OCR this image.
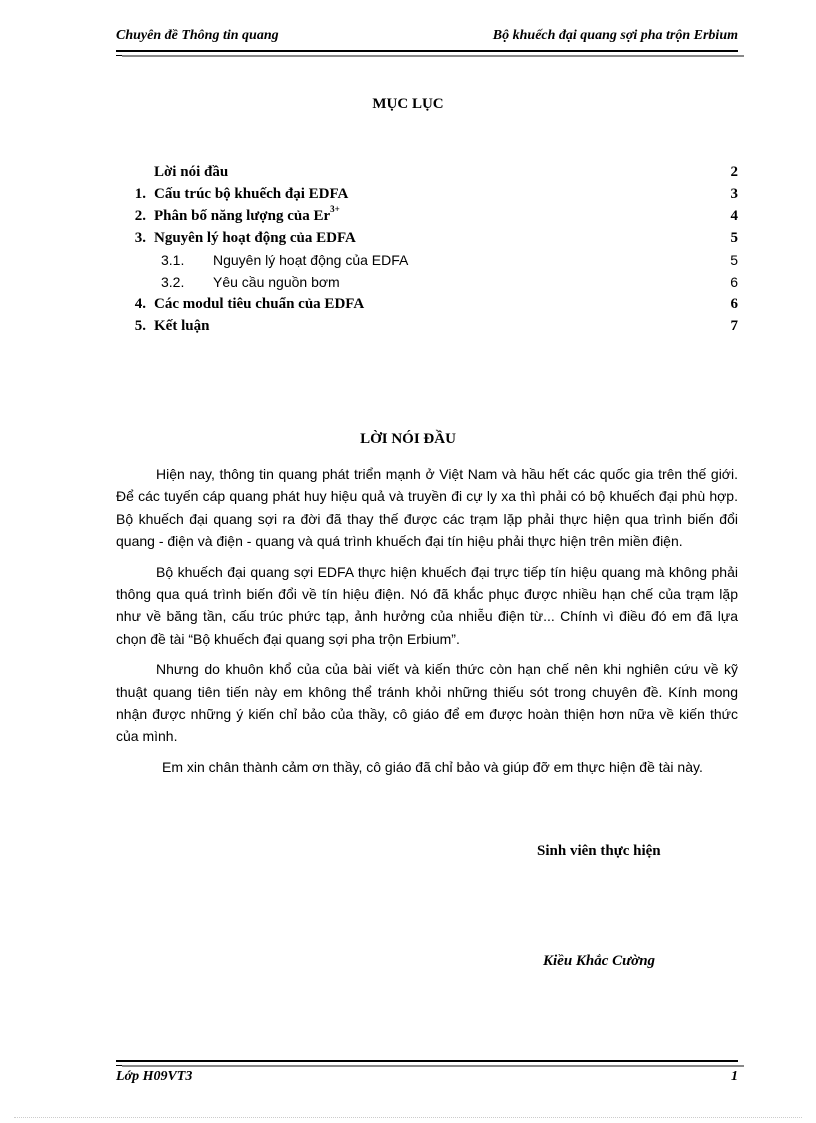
Chuyên đề Thông tin quang	Bộ khuếch đại quang sợi pha trộn Erbium
MỤC LỤC
Lời nói đầu	2
1. Cấu trúc bộ khuếch đại EDFA	3
2. Phân bố năng lượng của $Er^{3+}$	4
3. Nguyên lý hoạt động của EDFA	5
3.1. Nguyên lý hoạt động của EDFA	5
3.2. Yêu cầu nguồn bơm	6
4. Các modul tiêu chuẩn của EDFA	6
5. Kết luận	7
LỜI NÓI ĐẦU

Hiện nay, thông tin quang phát triển mạnh ở Việt Nam và hầu hết các quốc gia trên thế giới. Để các tuyến cáp quang phát huy hiệu quả và truyền đi cự ly xa thì phải có bộ khuếch đại phù hợp. Bộ khuếch đại quang sợi ra đời đã thay thế được các trạm lặp phải thực hiện qua trình biến đổi quang - điện và điện - quang và quá trình khuếch đại tín hiệu phải thực hiện trên miền điện.

Bộ khuếch đại quang sợi EDFA thực hiện khuếch đại trực tiếp tín hiệu quang mà không phải thông qua quá trình biến đổi về tín hiệu điện. Nó đã khắc phục được nhiều hạn chế của trạm lặp như về băng tần, cấu trúc phức tạp, ảnh hưởng của nhiễu điện từ... Chính vì điều đó em đã lựa chọn đề tài “Bộ khuếch đại quang sợi pha trộn Erbium”.

Nhưng do khuôn khổ của của bài viết và kiến thức còn hạn chế nên khi nghiên cứu về kỹ thuật quang tiên tiến này em không thể tránh khỏi những thiếu sót trong chuyên đề. Kính mong nhận được những ý kiến chỉ bảo của thầy, cô giáo để em được hoàn thiện hơn nữa về kiến thức của mình.

Em xin chân thành cảm ơn thầy, cô giáo đã chỉ bảo và giúp đỡ em thực hiện đề tài này.

Sinh viên thực hiện
Kiều Khắc Cường
Lớp H09VT3	1
